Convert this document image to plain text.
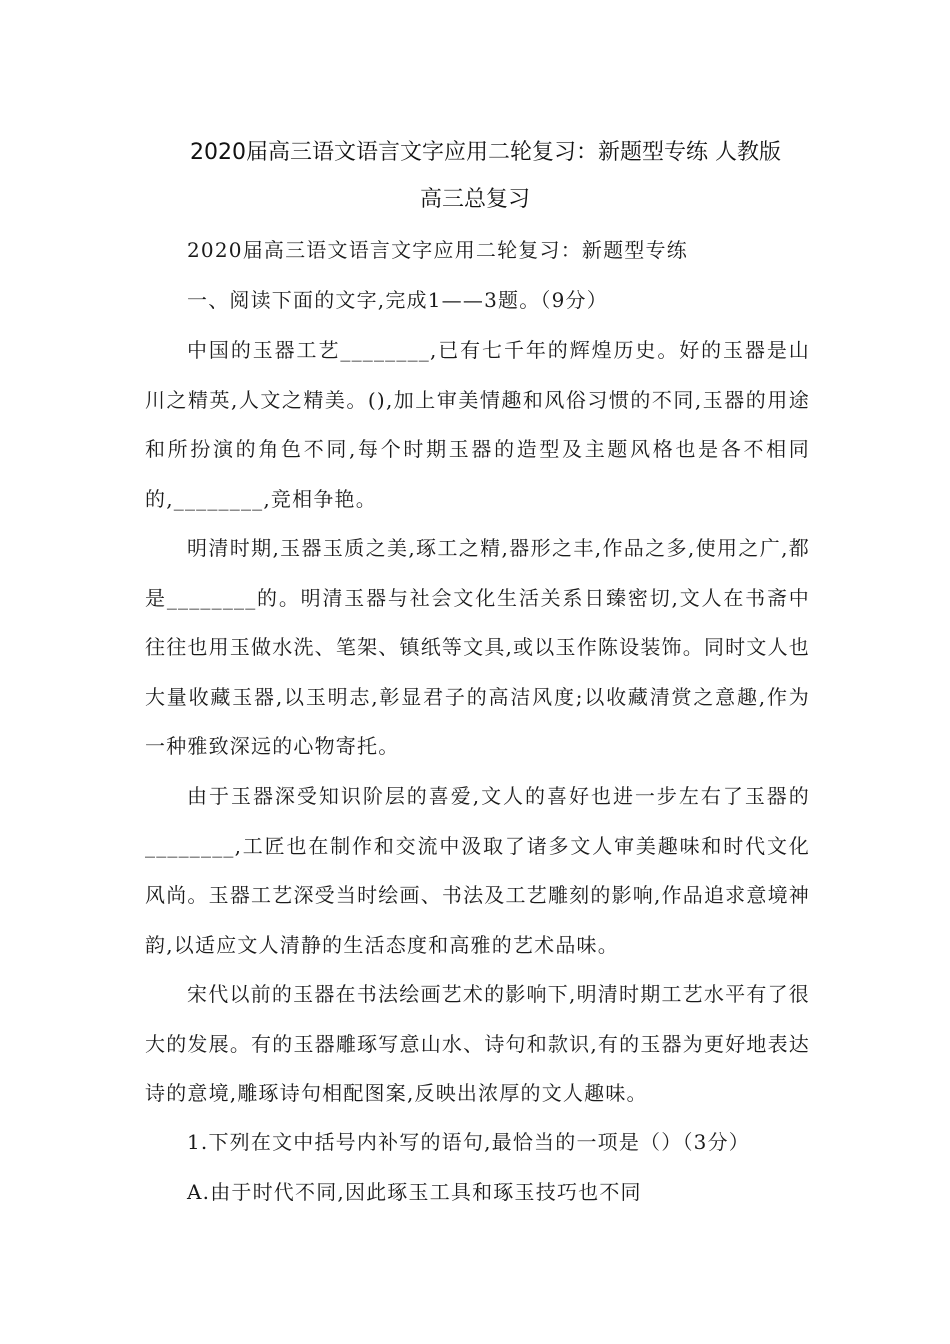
2020届高三语文语言文字应用二轮复习：新题型专练 人教版
高三总复习

2020届高三语文语言文字应用二轮复习：新题型专练

一、阅读下面的文字,完成1——3题。（9分）

中国的玉器工艺________,已有七千年的辉煌历史。好的玉器是山川之精英,人文之精美。(),加上审美情趣和风俗习惯的不同,玉器的用途和所扮演的角色不同,每个时期玉器的造型及主题风格也是各不相同的,________,竞相争艳。

明清时期,玉器玉质之美,琢工之精,器形之丰,作品之多,使用之广,都是________的。明清玉器与社会文化生活关系日臻密切,文人在书斋中往往也用玉做水洗、笔架、镇纸等文具,或以玉作陈设装饰。同时文人也大量收藏玉器,以玉明志,彰显君子的高洁风度;以收藏清赏之意趣,作为一种雅致深远的心物寄托。

由于玉器深受知识阶层的喜爱,文人的喜好也进一步左右了玉器的________,工匠也在制作和交流中汲取了诸多文人审美趣味和时代文化风尚。玉器工艺深受当时绘画、书法及工艺雕刻的影响,作品追求意境神韵,以适应文人清静的生活态度和高雅的艺术品味。

宋代以前的玉器在书法绘画艺术的影响下,明清时期工艺水平有了很大的发展。有的玉器雕琢写意山水、诗句和款识,有的玉器为更好地表达诗的意境,雕琢诗句相配图案,反映出浓厚的文人趣味。

1.下列在文中括号内补写的语句,最恰当的一项是（）（3分）

A.由于时代不同,因此琢玉工具和琢玉技巧也不同
